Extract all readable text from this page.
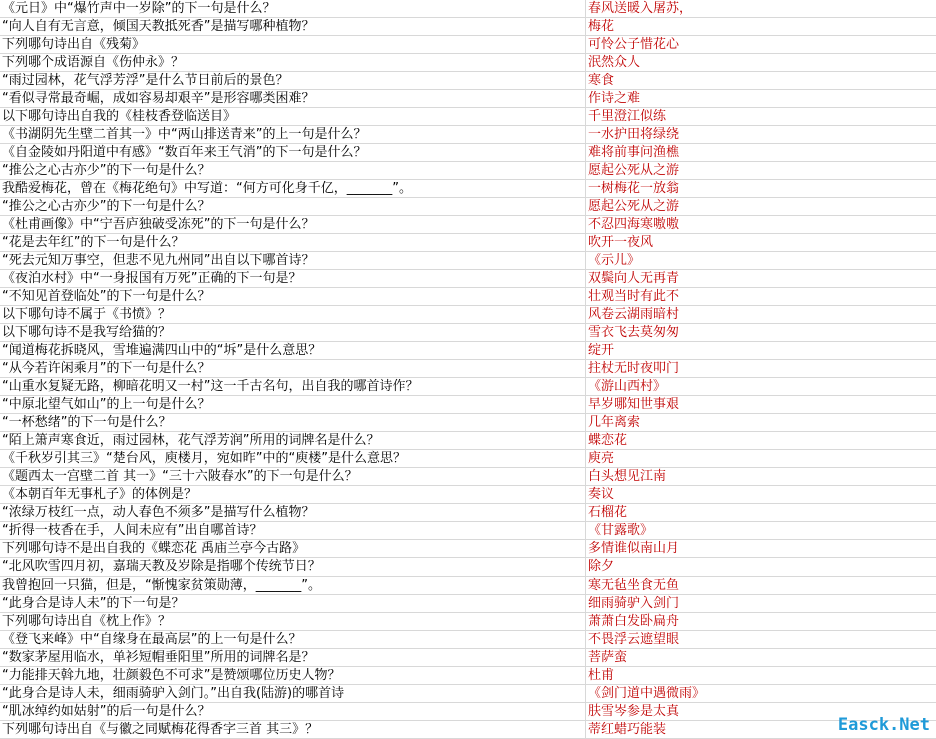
《元日》中“爆竹声中一岁除”的下一句是什么？	春风送暖入屠苏，
“向人自有无言意，倾国天教抵死香”是描写哪种植物？	梅花
下列哪句诗出自《残菊》	可怜公子惜花心
下列哪个成语源自《伤仲永》？	泯然众人
“雨过园林，花气浮芳浮”是什么节日前后的景色？	寒食
“看似寻常最奇崛，成如容易却艰辛”是形容哪类困难？	作诗之难
以下哪句诗出自我的《桂枝香登临送目》	千里澄江似练
《书湖阴先生壁二首其一》中“两山排送青来”的上一句是什么？	一水护田将绿绕
《自金陵如丹阳道中有感》“数百年来王气消”的下一句是什么？	难将前事问渔樵
“推公之心古亦少”的下一句是什么？	愿起公死从之游
我酷爱梅花，曾在《梅花绝句》中写道：“何方可化身千亿，_______”。	一树梅花一放翁
“推公之心古亦少”的下一句是什么？	愿起公死从之游
《杜甫画像》中“宁吾庐独破受冻死”的下一句是什么？	不忍四海寒嗷嗷
“花是去年红”的下一句是什么？	吹开一夜风
“死去元知万事空，但悲不见九州同”出自以下哪首诗？	《示儿》
《夜泊水村》中“一身报国有万死”正确的下一句是？	双鬓向人无再青
“不知见首登临处”的下一句是什么？	壮观当时有此不
以下哪句诗不属于《书愤》？	风卷云湖雨暗村
以下哪句诗不是我写给猫的？	雪衣飞去莫匆匆
“闻道梅花拆晓风，雪堆遍满四山中的“坼”是什么意思？	绽开
“从今若许闲乘月”的下一句是什么？	拄杖无时夜叩门
“山重水复疑无路，柳暗花明又一村”这一千古名句，出自我的哪首诗作？	《游山西村》
“中原北望气如山”的上一句是什么？	早岁哪知世事艰
“一杯愁绪”的下一句是什么？	几年离索
“陌上箫声寒食近，雨过园林，花气浮芳润”所用的词牌名是什么？	蝶恋花
《千秋岁引其三》“楚台风，庾楼月，宛如昨”中的“庾楼”是什么意思？	庾亮
《题西太一宫壁二首 其一》“三十六陂春水”的下一句是什么？	白头想见江南
《本朝百年无事札子》的体例是？	奏议
“浓绿万枝红一点，动人春色不须多”是描写什么植物？	石榴花
“折得一枝香在手，人间未应有”出自哪首诗？	《甘露歌》
下列哪句诗不是出自我的《蝶恋花 禹庙兰亭今古路》	多情谁似南山月
“北风吹雪四月初，嘉瑞天教及岁除是指哪个传统节日？	除夕
我曾抱回一只猫，但是，“惭愧家贫策勋薄，_______”。	寒无毡坐食无鱼
“此身合是诗人未”的下一句是？	细雨骑驴入剑门
下列哪句诗出自《枕上作》？	萧萧白发卧扁舟
《登飞来峰》中“自缘身在最高层”的上一句是什么？	不畏浮云遮望眼
“数家茅屋用临水，单衫短帽垂阳里”所用的词牌名是？	菩萨蛮
“力能排天斡九地，壮颜毅色不可求”是赞颂哪位历史人物？	杜甫
“此身合是诗人未，细雨骑驴入剑门。”出自我(陆游)的哪首诗	《剑门道中遇微雨》
“肌冰绰约如姑射”的后一句是什么？	肤雪岑参是太真
下列哪句诗出自《与徽之同赋梅花得香字三首 其三》？	蒂红蜡巧能装	Easck.Net
